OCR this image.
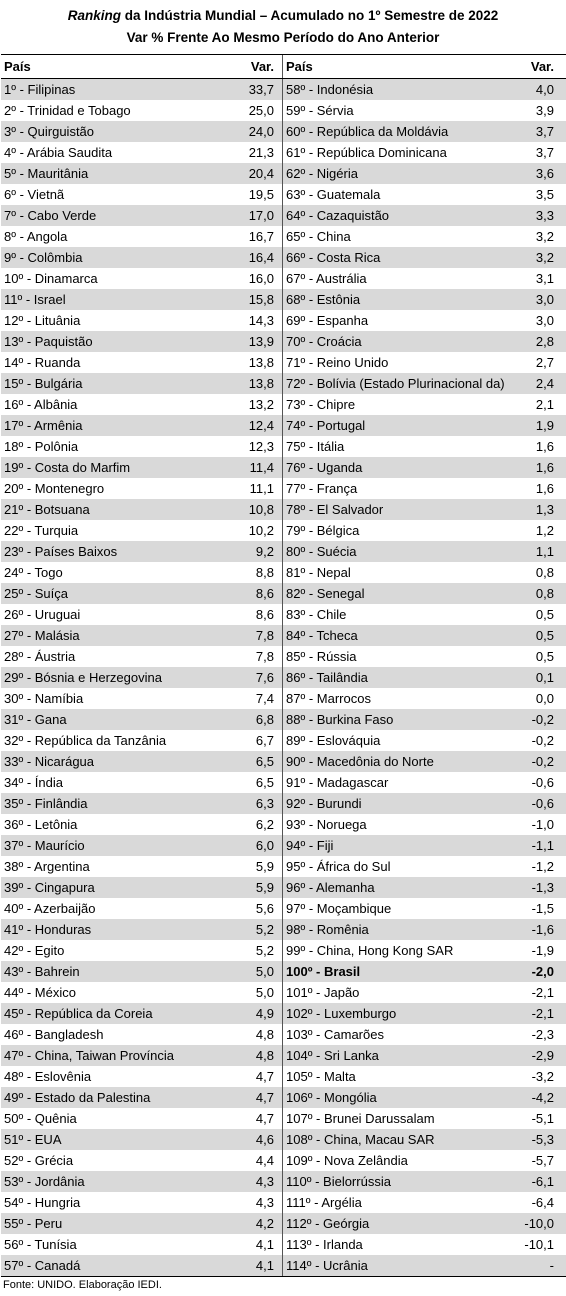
Ranking da Indústria Mundial – Acumulado no 1º Semestre de 2022
Var % Frente Ao Mesmo Período do Ano Anterior
País	Var. País	Var.
1º - Filipinas	33,7
2º - Trinidad e Tobago	25,0
3º - Quirguistão	24,0
4º - Arábia Saudita	21,3
5º - Mauritânia	20,4
6º - Vietnã	19,5
7º - Cabo Verde	17,0
8º - Angola	16,7
9º - Colômbia	16,4
10º - Dinamarca	16,0
11º - Israel	15,8
12º - Lituânia	14,3
13º - Paquistão	13,9
14º - Ruanda	13,8
15º - Bulgária	13,8
16º - Albânia	13,2
17º - Armênia	12,4
18º - Polônia	12,3
19º - Costa do Marfim	11,4
20º - Montenegro	11,1
21º - Botsuana	10,8
22º - Turquia	10,2
23º - Países Baixos	9,2
24º - Togo	8,8
25º - Suíça	8,6
26º - Uruguai	8,6
27º - Malásia	7,8
28º - Áustria	7,8
29º - Bósnia e Herzegovina	7,6
30º - Namíbia	7,4
31º - Gana	6,8
32º - República da Tanzânia	6,7
33º - Nicarágua	6,5
34º - Índia	6,5
35º - Finlândia	6,3
36º - Letônia	6,2
37º - Maurício	6,0
38º - Argentina	5,9
39º - Cingapura	5,9
40º - Azerbaijão	5,6
41º - Honduras	5,2
42º - Egito	5,2
43º - Bahrein	5,0
44º - México	5,0
45º - República da Coreia	4,9
46º - Bangladesh	4,8
47º - China, Taiwan Província	4,8
48º - Eslovênia	4,7
49º - Estado da Palestina	4,7
50º - Quênia	4,7
51º - EUA	4,6
52º - Grécia	4,4
53º - Jordânia	4,3
54º - Hungria	4,3
55º - Peru	4,2
56º - Tunísia	4,1
57º - Canadá	4,1
58º - Indonésia	4,0
59º - Sérvia	3,9
60º - República da Moldávia	3,7
61º - República Dominicana	3,7
62º - Nigéria	3,6
63º - Guatemala	3,5
64º - Cazaquistão	3,3
65º - China	3,2
66º - Costa Rica	3,2
67º - Austrália	3,1
68º - Estônia	3,0
69º - Espanha	3,0
70º - Croácia	2,8
71º - Reino Unido	2,7
72º - Bolívia (Estado Plurinacional da)	2,4
73º - Chipre	2,1
74º - Portugal	1,9
75º - Itália	1,6
76º - Uganda	1,6
77º - França	1,6
78º - El Salvador	1,3
79º - Bélgica	1,2
80º - Suécia	1,1
81º - Nepal	0,8
82º - Senegal	0,8
83º - Chile	0,5
84º - Tcheca	0,5
85º - Rússia	0,5
86º - Tailândia	0,1
87º - Marrocos	0,0
88º - Burkina Faso	-0,2
89º - Eslováquia	-0,2
90º - Macedônia do Norte	-0,2
91º - Madagascar	-0,6
92º - Burundi	-0,6
93º - Noruega	-1,0
94º - Fiji	-1,1
95º - África do Sul	-1,2
96º - Alemanha	-1,3
97º - Moçambique	-1,5
98º - Romênia	-1,6
99º - China, Hong Kong SAR	-1,9
100º - Brasil	-2,0
101º - Japão	-2,1
102º - Luxemburgo	-2,1
103º - Camarões	-2,3
104º - Sri Lanka	-2,9
105º - Malta	-3,2
106º - Mongólia	-4,2
107º - Brunei Darussalam	-5,1
108º - China, Macau SAR	-5,3
109º - Nova Zelândia	-5,7
110º - Bielorrússia	-6,1
111º - Argélia	-6,4
112º - Geórgia	-10,0
113º - Irlanda	-10,1
114º - Ucrânia	-
Fonte: UNIDO. Elaboração IEDI.
